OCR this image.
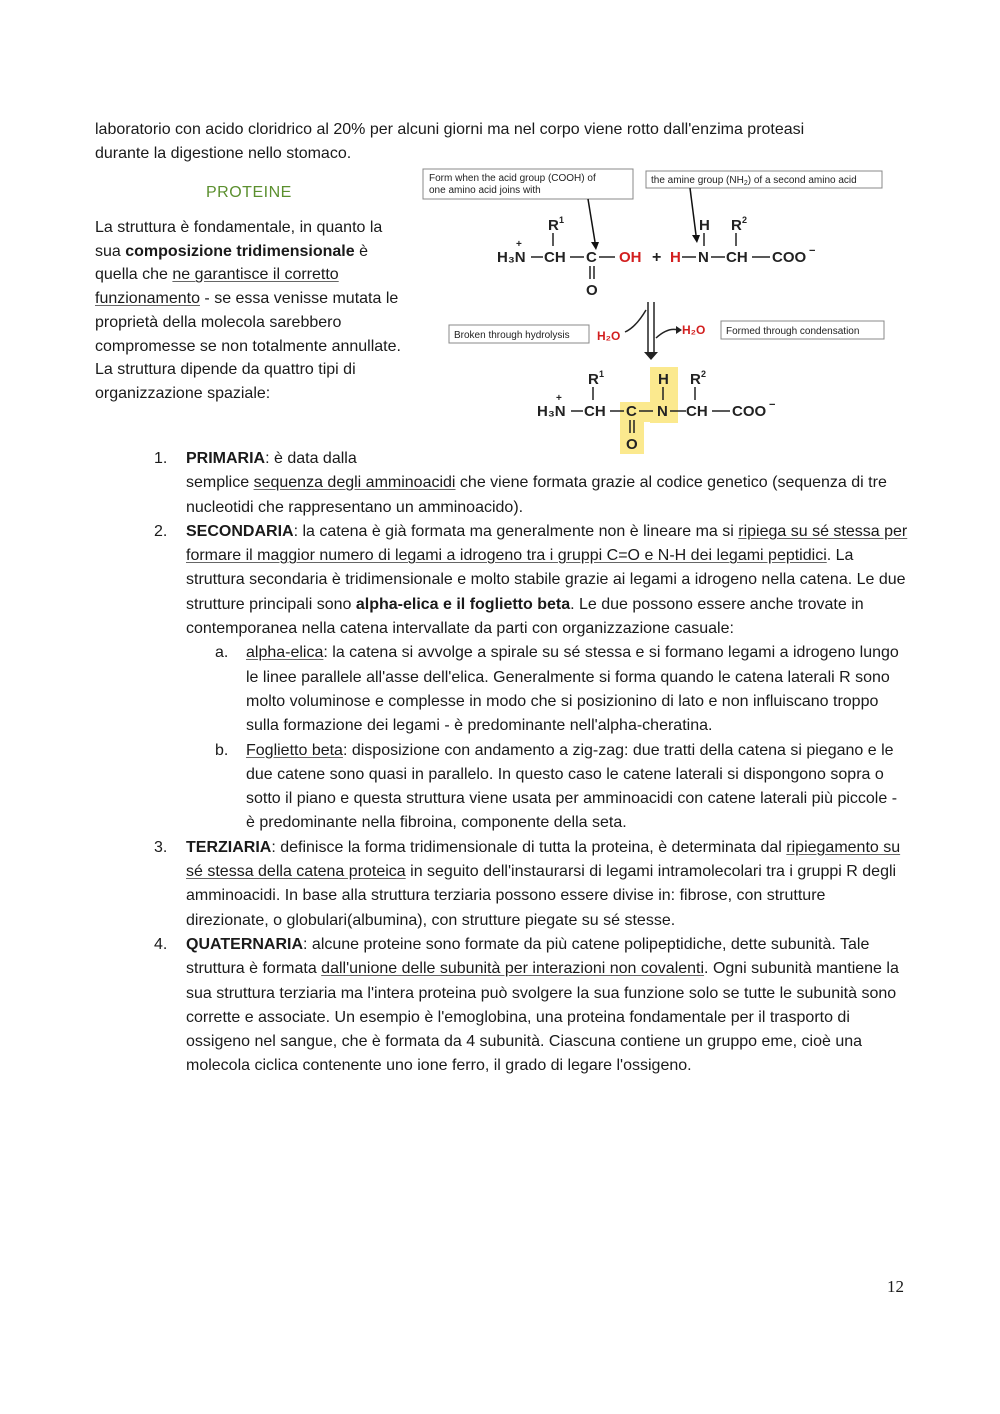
laboratorio con acido cloridrico al 20% per alcuni giorni ma nel corpo viene rotto dall'enzima proteasi

durante la digestione nello stomaco.

PROTEINE

La struttura è fondamentale, in quanto la sua composizione tridimensionale è quella che ne garantisce il corretto funzionamento - se essa venisse mutata le proprietà della molecola sarebbero compromesse se non totalmente annullate. La struttura dipende da quattro tipi di organizzazione spaziale:

Form when the acid group (COOH) of
one amino acid joins with
the amine group $(NH_2)$ of a second amino acid
R 1
+
H₃N CH C OH
O
+
H R 2
H N CH COO −
Broken through hydrolysis H₂O	H₂O Formed through condensation
R 1
+
H₃N CH C
H
N
R 2
CH COO −
O
1. PRIMARIA: è data dalla
semplice sequenza degli amminoacidi che viene formata grazie al codice genetico (sequenza di tre nucleotidi che rappresentano un amminoacido).
2. SECONDARIA: la catena è già formata ma generalmente non è lineare ma si ripiega su sé stessa per formare il maggior numero di legami a idrogeno tra i gruppi C=O e N-H dei legami peptidici. La struttura secondaria è tridimensionale e molto stabile grazie ai legami a idrogeno nella catena. Le due strutture principali sono alpha-elica e il foglietto beta. Le due possono essere anche trovate in contemporanea nella catena intervallate da parti con organizzazione casuale:
a. alpha-elica: la catena si avvolge a spirale su sé stessa e si formano legami a idrogeno lungo le linee parallele all'asse dell'elica. Generalmente si forma quando le catena laterali R sono molto voluminose e complesse in modo che si posizionino di lato e non influiscano troppo sulla formazione dei legami - è predominante nell'alpha-cheratina.
b. Foglietto beta: disposizione con andamento a zig-zag: due tratti della catena si piegano e le due catene sono quasi in parallelo. In questo caso le catene laterali si dispongono sopra o sotto il piano e questa struttura viene usata per amminoacidi con catene laterali più piccole - è predominante nella fibroina, componente della seta.
3. TERZIARIA: definisce la forma tridimensionale di tutta la proteina, è determinata dal ripiegamento su sé stessa della catena proteica in seguito dell'instaurarsi di legami intramolecolari tra i gruppi R degli amminoacidi. In base alla struttura terziaria possono essere divise in: fibrose, con strutture direzionate, o globulari(albumina), con strutture piegate su sé stesse.
4. QUATERNARIA: alcune proteine sono formate da più catene polipeptidiche, dette subunità. Tale struttura è formata dall'unione delle subunità per interazioni non covalenti. Ogni subunità mantiene la sua struttura terziaria ma l'intera proteina può svolgere la sua funzione solo se tutte le subunità sono corrette e associate. Un esempio è l'emoglobina, una proteina fondamentale per il trasporto di ossigeno nel sangue, che è formata da 4 subunità. Ciascuna contiene un gruppo eme, cioè una molecola ciclica contenente uno ione ferro, il grado di legare l'ossigeno.
12
